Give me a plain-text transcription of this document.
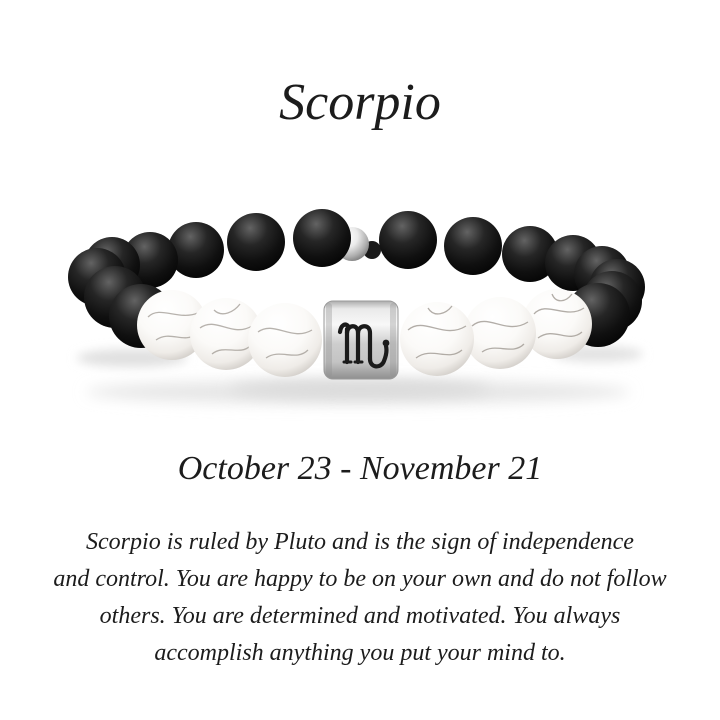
Scorpio
October 23 - November 21
Scorpio is ruled by Pluto and is the sign of independence
and control. You are happy to be on your own and do not follow
others. You are determined and motivated. You always
accomplish anything you put your mind to.
